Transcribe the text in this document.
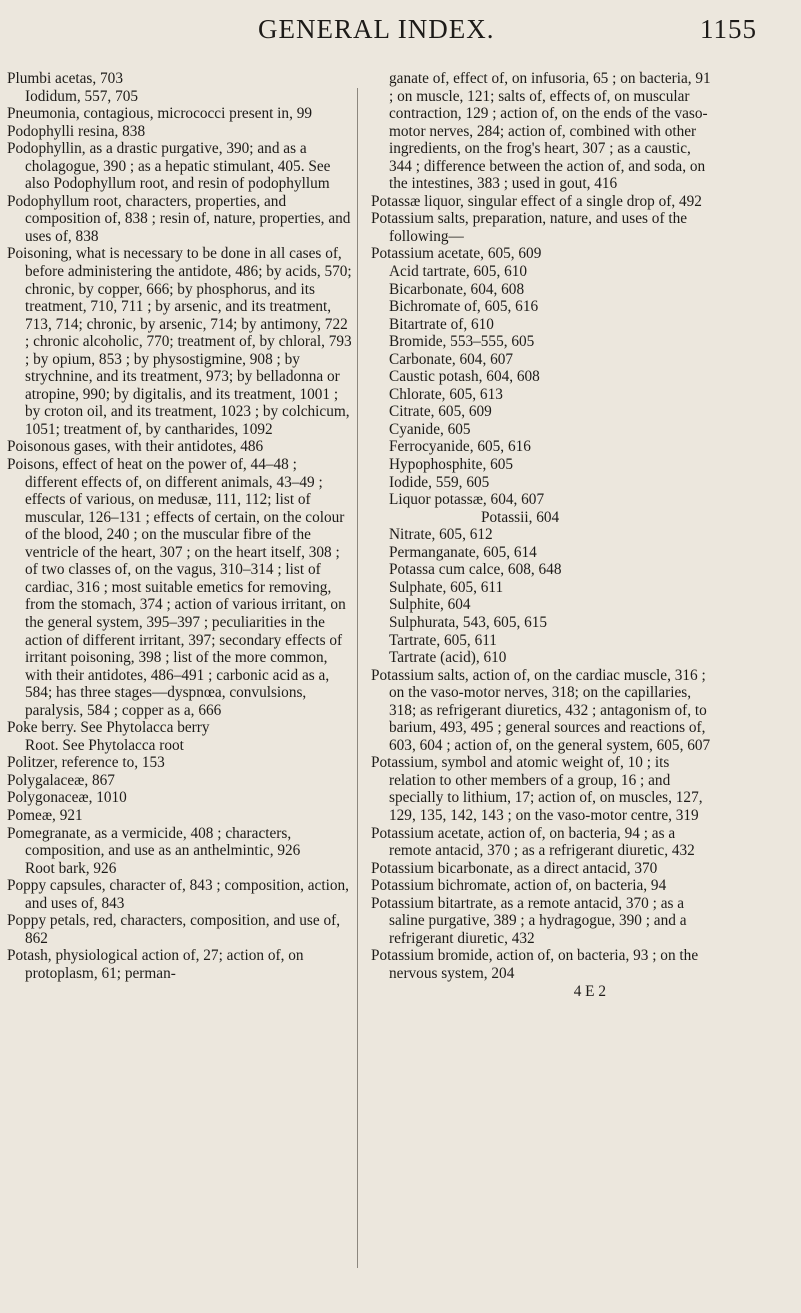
GENERAL INDEX.	1155

Plumbi acetas, 703

Iodidum, 557, 705

Pneumonia, contagious, micrococci present in, 99

Podophylli resina, 838

Podophyllin, as a drastic purgative, 390; and as a cholagogue, 390 ; as a hepatic stimulant, 405. See also Podophyllum root, and resin of podophyllum

Podophyllum root, characters, properties, and composition of, 838 ; resin of, nature, properties, and uses of, 838

Poisoning, what is necessary to be done in all cases of, before administering the antidote, 486; by acids, 570; chronic, by copper, 666; by phosphorus, and its treatment, 710, 711 ; by arsenic, and its treatment, 713, 714; chronic, by arsenic, 714; by antimony, 722 ; chronic alcoholic, 770; treatment of, by chloral, 793 ; by opium, 853 ; by physostigmine, 908 ; by strychnine, and its treatment, 973; by belladonna or atropine, 990; by digitalis, and its treatment, 1001 ; by croton oil, and its treatment, 1023 ; by colchicum, 1051; treatment of, by cantharides, 1092

Poisonous gases, with their antidotes, 486

Poisons, effect of heat on the power of, 44–48 ; different effects of, on different animals, 43–49 ; effects of various, on medusæ, 111, 112; list of muscular, 126–131 ; effects of certain, on the colour of the blood, 240 ; on the muscular fibre of the ventricle of the heart, 307 ; on the heart itself, 308 ; of two classes of, on the vagus, 310–314 ; list of cardiac, 316 ; most suitable emetics for removing, from the stomach, 374 ; action of various irritant, on the general system, 395–397 ; peculiarities in the action of different irritant, 397; secondary effects of irritant poisoning, 398 ; list of the more common, with their antidotes, 486–491 ; carbonic acid as a, 584; has three stages—dyspnœa, convulsions, paralysis, 584 ; copper as a, 666

Poke berry. See Phytolacca berry

Root. See Phytolacca root

Politzer, reference to, 153

Polygalaceæ, 867

Polygonaceæ, 1010

Pomeæ, 921

Pomegranate, as a vermicide, 408 ; characters, composition, and use as an anthelmintic, 926

Root bark, 926

Poppy capsules, character of, 843 ; composition, action, and uses of, 843

Poppy petals, red, characters, composition, and use of, 862

Potash, physiological action of, 27; action of, on protoplasm, 61; perman-

ganate of, effect of, on infusoria, 65 ; on bacteria, 91 ; on muscle, 121; salts of, effects of, on muscular contraction, 129 ; action of, on the ends of the vaso-motor nerves, 284; action of, combined with other ingredients, on the frog's heart, 307 ; as a caustic, 344 ; difference between the action of, and soda, on the intestines, 383 ; used in gout, 416

Potassæ liquor, singular effect of a single drop of, 492

Potassium salts, preparation, nature, and uses of the following—

Potassium acetate, 605, 609

Acid tartrate, 605, 610

Bicarbonate, 604, 608

Bichromate of, 605, 616

Bitartrate of, 610

Bromide, 553–555, 605

Carbonate, 604, 607

Caustic potash, 604, 608

Chlorate, 605, 613

Citrate, 605, 609

Cyanide, 605

Ferrocyanide, 605, 616

Hypophosphite, 605

Iodide, 559, 605

Liquor potassæ, 604, 607

Potassii, 604

Nitrate, 605, 612

Permanganate, 605, 614

Potassa cum calce, 608, 648

Sulphate, 605, 611

Sulphite, 604

Sulphurata, 543, 605, 615

Tartrate, 605, 611

Tartrate (acid), 610

Potassium salts, action of, on the cardiac muscle, 316 ; on the vaso-motor nerves, 318; on the capillaries, 318; as refrigerant diuretics, 432 ; antagonism of, to barium, 493, 495 ; general sources and reactions of, 603, 604 ; action of, on the general system, 605, 607

Potassium, symbol and atomic weight of, 10 ; its relation to other members of a group, 16 ; and specially to lithium, 17; action of, on muscles, 127, 129, 135, 142, 143 ; on the vaso-motor centre, 319

Potassium acetate, action of, on bacteria, 94 ; as a remote antacid, 370 ; as a refrigerant diuretic, 432

Potassium bicarbonate, as a direct antacid, 370

Potassium bichromate, action of, on bacteria, 94

Potassium bitartrate, as a remote antacid, 370 ; as a saline purgative, 389 ; a hydragogue, 390 ; and a refrigerant diuretic, 432

Potassium bromide, action of, on bacteria, 93 ; on the nervous system, 204

4 E 2
